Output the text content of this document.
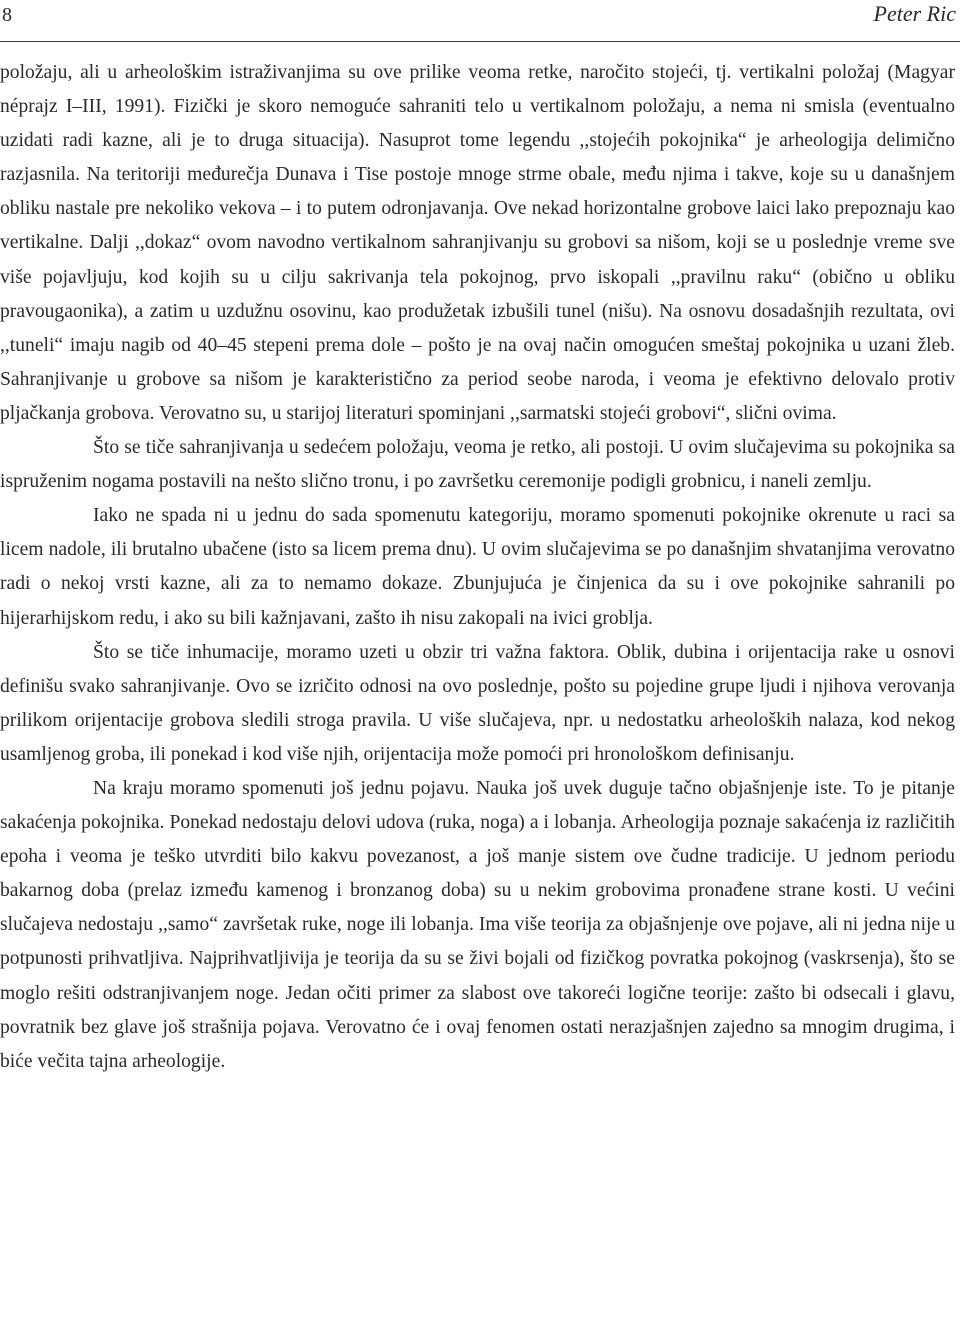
8	Peter Ric

položaju, ali u arheološkim istraživanjima su ove prilike veoma retke, naročito stojeći, tj. vertikalni položaj (Magyar néprajz I–III, 1991). Fizički je skoro nemoguće sahraniti telo u vertikalnom položaju, a nema ni smisla (eventualno uzidati radi kazne, ali je to druga situacija). Nasuprot tome legendu ,,stojećih pokojnika“ je arheologija delimično razjasnila. Na teritoriji međurečja Dunava i Tise postoje mnoge strme obale, među njima i takve, koje su u današnjem obliku nastale pre nekoliko vekova – i to putem odronjavanja. Ove nekad horizontalne grobove laici lako prepoznaju kao vertikalne. Dalji ,,dokaz“ ovom navodno vertikalnom sahranjivanju su grobovi sa nišom, koji se u poslednje vreme sve više pojavljuju, kod kojih su u cilju sakrivanja tela pokojnog, prvo iskopali ,,pravilnu raku“ (obično u obliku pravougaonika), a zatim u uzdužnu osovinu, kao produžetak izbušili tunel (nišu). Na osnovu dosadašnjih rezultata, ovi ,,tuneli“ imaju nagib od 40–45 stepeni prema dole – pošto je na ovaj način omogućen smeštaj pokojnika u uzani žleb. Sahranjivanje u grobove sa nišom je karakteristično za period seobe naroda, i veoma je efektivno delovalo protiv pljačkanja grobova. Verovatno su, u starijoj literaturi spominjani ,,sarmatski stojeći grobovi“, slični ovima.

Što se tiče sahranjivanja u sedećem položaju, veoma je retko, ali postoji. U ovim slučajevima su pokojnika sa ispruženim nogama postavili na nešto slično tronu, i po završetku ceremonije podigli grobnicu, i naneli zemlju.

Iako ne spada ni u jednu do sada spomenutu kategoriju, moramo spomenuti pokojnike okrenute u raci sa licem nadole, ili brutalno ubačene (isto sa licem prema dnu). U ovim slučajevima se po današnjim shvatanjima verovatno radi o nekoj vrsti kazne, ali za to nemamo dokaze. Zbunjujuća je činjenica da su i ove pokojnike sahranili po hijerarhijskom redu, i ako su bili kažnjavani, zašto ih nisu zakopali na ivici groblja.

Što se tiče inhumacije, moramo uzeti u obzir tri važna faktora. Oblik, dubina i orijentacija rake u osnovi definišu svako sahranjivanje. Ovo se izričito odnosi na ovo poslednje, pošto su pojedine grupe ljudi i njihova verovanja prilikom orijentacije grobova sledili stroga pravila. U više slučajeva, npr. u nedostatku arheoloških nalaza, kod nekog usamljenog groba, ili ponekad i kod više njih, orijentacija može pomoći pri hronološkom definisanju.

Na kraju moramo spomenuti još jednu pojavu. Nauka još uvek duguje tačno objašnjenje iste. To je pitanje sakaćenja pokojnika. Ponekad nedostaju delovi udova (ruka, noga) a i lobanja. Arheologija poznaje sakaćenja iz različitih epoha i veoma je teško utvrditi bilo kakvu povezanost, a još manje sistem ove čudne tradicije. U jednom periodu bakarnog doba (prelaz između kamenog i bronzanog doba) su u nekim grobovima pronađene strane kosti. U većini slučajeva nedostaju ,,samo“ završetak ruke, noge ili lobanja. Ima više teorija za objašnjenje ove pojave, ali ni jedna nije u potpunosti prihvatljiva. Najprihvatljivija je teorija da su se živi bojali od fizičkog povratka pokojnog (vaskrsenja), što se moglo rešiti odstranjivanjem noge. Jedan očiti primer za slabost ove takoreći logične teorije: zašto bi odsecali i glavu, povratnik bez glave još strašnija pojava. Verovatno će i ovaj fenomen ostati nerazjašnjen zajedno sa mnogim drugima, i biće večita tajna arheologije.
